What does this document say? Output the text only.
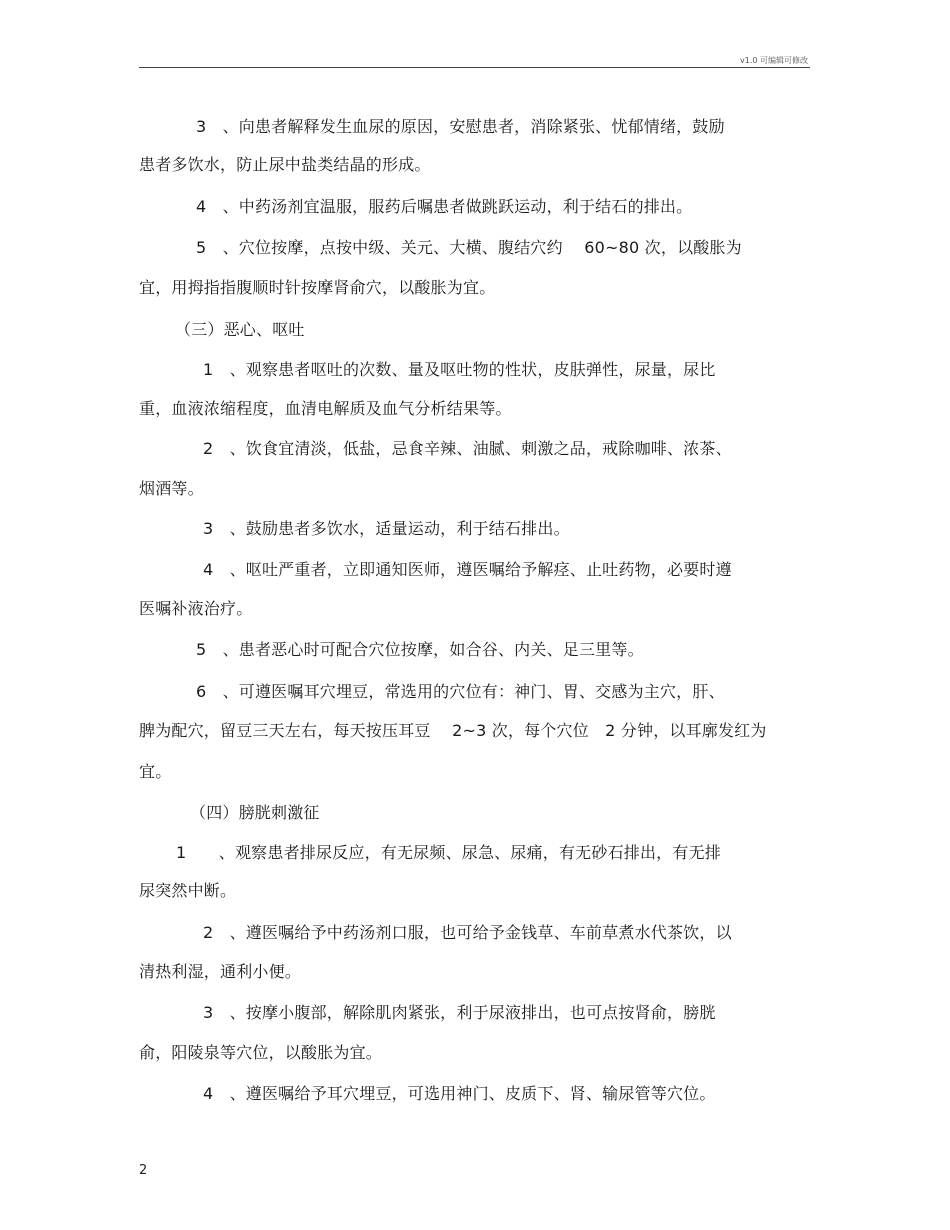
v1.0 可编辑可修改
3　、向患者解释发生血尿的原因，安慰患者，消除紧张、忧郁情绪，鼓励
患者多饮水，防止尿中盐类结晶的形成。
4　、中药汤剂宜温服，服药后嘱患者做跳跃运动，利于结石的排出。
5　、穴位按摩，点按中级、关元、大横、腹结穴约　 60~80 次，以酸胀为
宜，用拇指指腹顺时针按摩肾俞穴，以酸胀为宜。
（三）恶心、呕吐
1　、观察患者呕吐的次数、量及呕吐物的性状，皮肤弹性，尿量，尿比
重，血液浓缩程度，血清电解质及血气分析结果等。
2　、饮食宜清淡，低盐，忌食辛辣、油腻、刺激之品，戒除咖啡、浓茶、
烟酒等。
3　、鼓励患者多饮水，适量运动，利于结石排出。
4　、呕吐严重者，立即通知医师，遵医嘱给予解痉、止吐药物，必要时遵
医嘱补液治疗。
5　、患者恶心时可配合穴位按摩，如合谷、内关、足三里等。
6　、可遵医嘱耳穴埋豆，常选用的穴位有：神门、胃、交感为主穴，肝、
脾为配穴，留豆三天左右，每天按压耳豆　 2~3 次，每个穴位　2 分钟，以耳廓发红为
宜。
（四）膀胱刺激征
1　　、观察患者排尿反应，有无尿频、尿急、尿痛，有无砂石排出，有无排
尿突然中断。
2　、遵医嘱给予中药汤剂口服，也可给予金钱草、车前草煮水代茶饮，以
清热利湿，通利小便。
3　、按摩小腹部，解除肌肉紧张，利于尿液排出，也可点按肾俞，膀胱
俞，阳陵泉等穴位，以酸胀为宜。
4　、遵医嘱给予耳穴埋豆，可选用神门、皮质下、肾、输尿管等穴位。
2
